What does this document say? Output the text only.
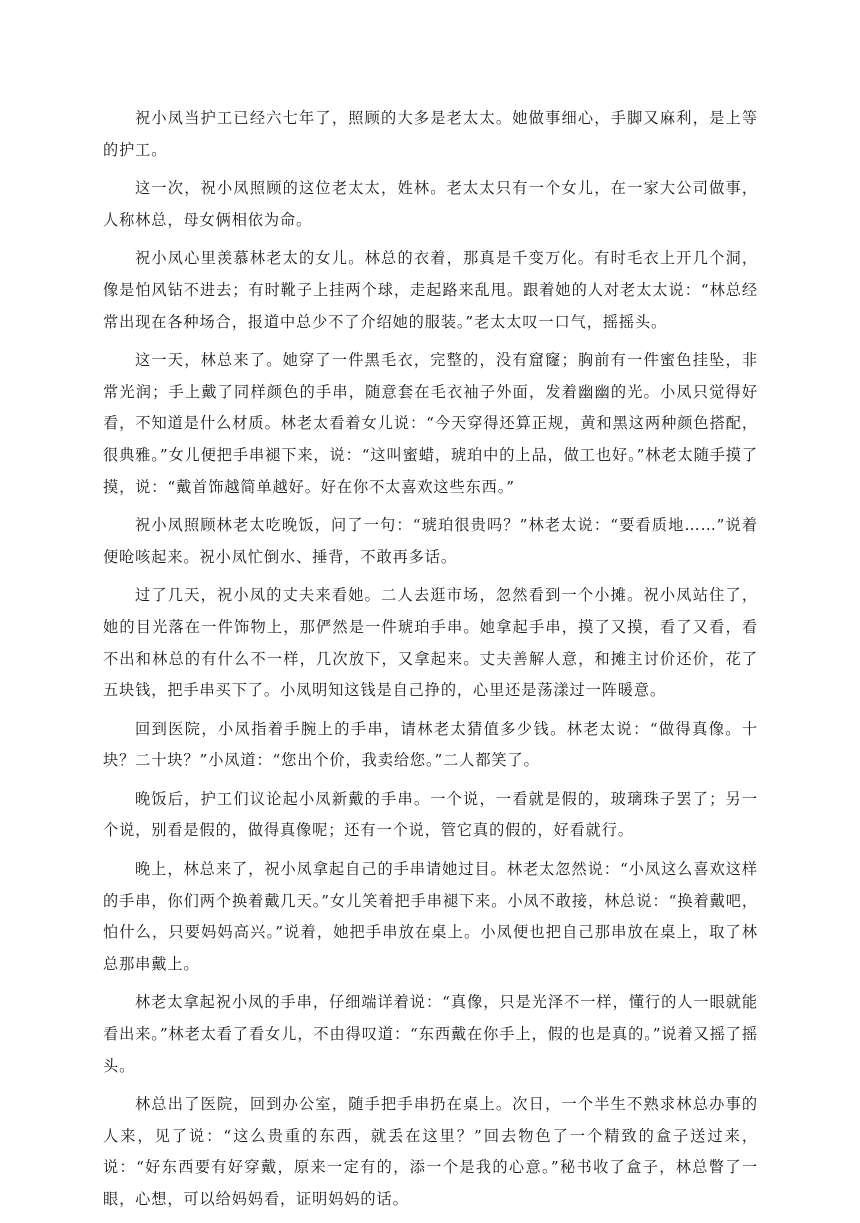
祝小凤当护工已经六七年了，照顾的大多是老太太。她做事细心，手脚又麻利，是上等的护工。

这一次，祝小凤照顾的这位老太太，姓林。老太太只有一个女儿，在一家大公司做事，人称林总，母女俩相依为命。

祝小凤心里羡慕林老太的女儿。林总的衣着，那真是千变万化。有时毛衣上开几个洞，像是怕风钻不进去；有时靴子上挂两个球，走起路来乱甩。跟着她的人对老太太说：“林总经常出现在各种场合，报道中总少不了介绍她的服装。”老太太叹一口气，摇摇头。

这一天，林总来了。她穿了一件黑毛衣，完整的，没有窟窿；胸前有一件蜜色挂坠，非常光润；手上戴了同样颜色的手串，随意套在毛衣袖子外面，发着幽幽的光。小凤只觉得好看，不知道是什么材质。林老太看着女儿说：“今天穿得还算正规，黄和黑这两种颜色搭配，很典雅。”女儿便把手串褪下来，说：“这叫蜜蜡，琥珀中的上品，做工也好。”林老太随手摸了摸，说：“戴首饰越简单越好。好在你不太喜欢这些东西。”

祝小凤照顾林老太吃晚饭，问了一句：“琥珀很贵吗？”林老太说：“要看质地……”说着便呛咳起来。祝小凤忙倒水、捶背，不敢再多话。

过了几天，祝小凤的丈夫来看她。二人去逛市场，忽然看到一个小摊。祝小凤站住了，她的目光落在一件饰物上，那俨然是一件琥珀手串。她拿起手串，摸了又摸，看了又看，看不出和林总的有什么不一样，几次放下，又拿起来。丈夫善解人意，和摊主讨价还价，花了五块钱，把手串买下了。小凤明知这钱是自己挣的，心里还是荡漾过一阵暖意。

回到医院，小凤指着手腕上的手串，请林老太猜值多少钱。林老太说：“做得真像。十块？二十块？”小凤道：“您出个价，我卖给您。”二人都笑了。

晚饭后，护工们议论起小凤新戴的手串。一个说，一看就是假的，玻璃珠子罢了；另一个说，别看是假的，做得真像呢；还有一个说，管它真的假的，好看就行。

晚上，林总来了，祝小凤拿起自己的手串请她过目。林老太忽然说：“小凤这么喜欢这样的手串，你们两个换着戴几天。”女儿笑着把手串褪下来。小凤不敢接，林总说：“换着戴吧，怕什么，只要妈妈高兴。”说着，她把手串放在桌上。小凤便也把自己那串放在桌上，取了林总那串戴上。

林老太拿起祝小凤的手串，仔细端详着说：“真像，只是光泽不一样，懂行的人一眼就能看出来。”林老太看了看女儿，不由得叹道：“东西戴在你手上，假的也是真的。”说着又摇了摇头。

林总出了医院，回到办公室，随手把手串扔在桌上。次日，一个半生不熟求林总办事的人来，见了说：“这么贵重的东西，就丢在这里？”回去物色了一个精致的盒子送过来，说：“好东西要有好穿戴，原来一定有的，添一个是我的心意。”秘书收了盒子，林总瞥了一眼，心想，可以给妈妈看，证明妈妈的话。
